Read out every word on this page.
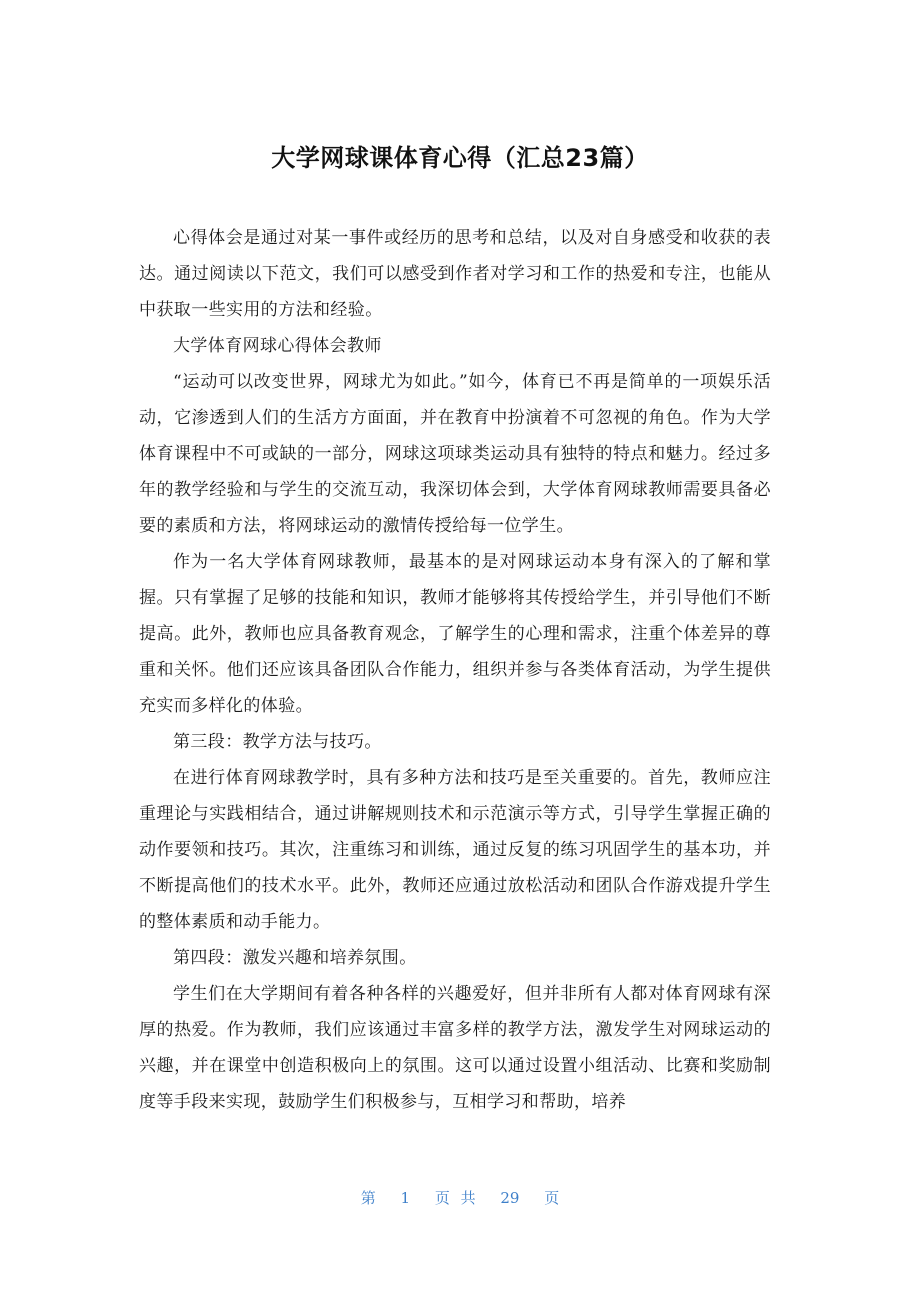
大学网球课体育心得（汇总23篇）

心得体会是通过对某一事件或经历的思考和总结，以及对自身感受和收获的表达。通过阅读以下范文，我们可以感受到作者对学习和工作的热爱和专注，也能从中获取一些实用的方法和经验。

大学体育网球心得体会教师

“运动可以改变世界，网球尤为如此。”如今，体育已不再是简单的一项娱乐活动，它渗透到人们的生活方方面面，并在教育中扮演着不可忽视的角色。作为大学体育课程中不可或缺的一部分，网球这项球类运动具有独特的特点和魅力。经过多年的教学经验和与学生的交流互动，我深切体会到，大学体育网球教师需要具备必要的素质和方法，将网球运动的激情传授给每一位学生。

作为一名大学体育网球教师，最基本的是对网球运动本身有深入的了解和掌握。只有掌握了足够的技能和知识，教师才能够将其传授给学生，并引导他们不断提高。此外，教师也应具备教育观念，了解学生的心理和需求，注重个体差异的尊重和关怀。他们还应该具备团队合作能力，组织并参与各类体育活动，为学生提供充实而多样化的体验。

第三段：教学方法与技巧。

在进行体育网球教学时，具有多种方法和技巧是至关重要的。首先，教师应注重理论与实践相结合，通过讲解规则技术和示范演示等方式，引导学生掌握正确的动作要领和技巧。其次，注重练习和训练，通过反复的练习巩固学生的基本功，并不断提高他们的技术水平。此外，教师还应通过放松活动和团队合作游戏提升学生的整体素质和动手能力。

第四段：激发兴趣和培养氛围。

学生们在大学期间有着各种各样的兴趣爱好，但并非所有人都对体育网球有深厚的热爱。作为教师，我们应该通过丰富多样的教学方法，激发学生对网球运动的兴趣，并在课堂中创造积极向上的氛围。这可以通过设置小组活动、比赛和奖励制度等手段来实现，鼓励学生们积极参与，互相学习和帮助，培养

第 1 页 共 29 页
